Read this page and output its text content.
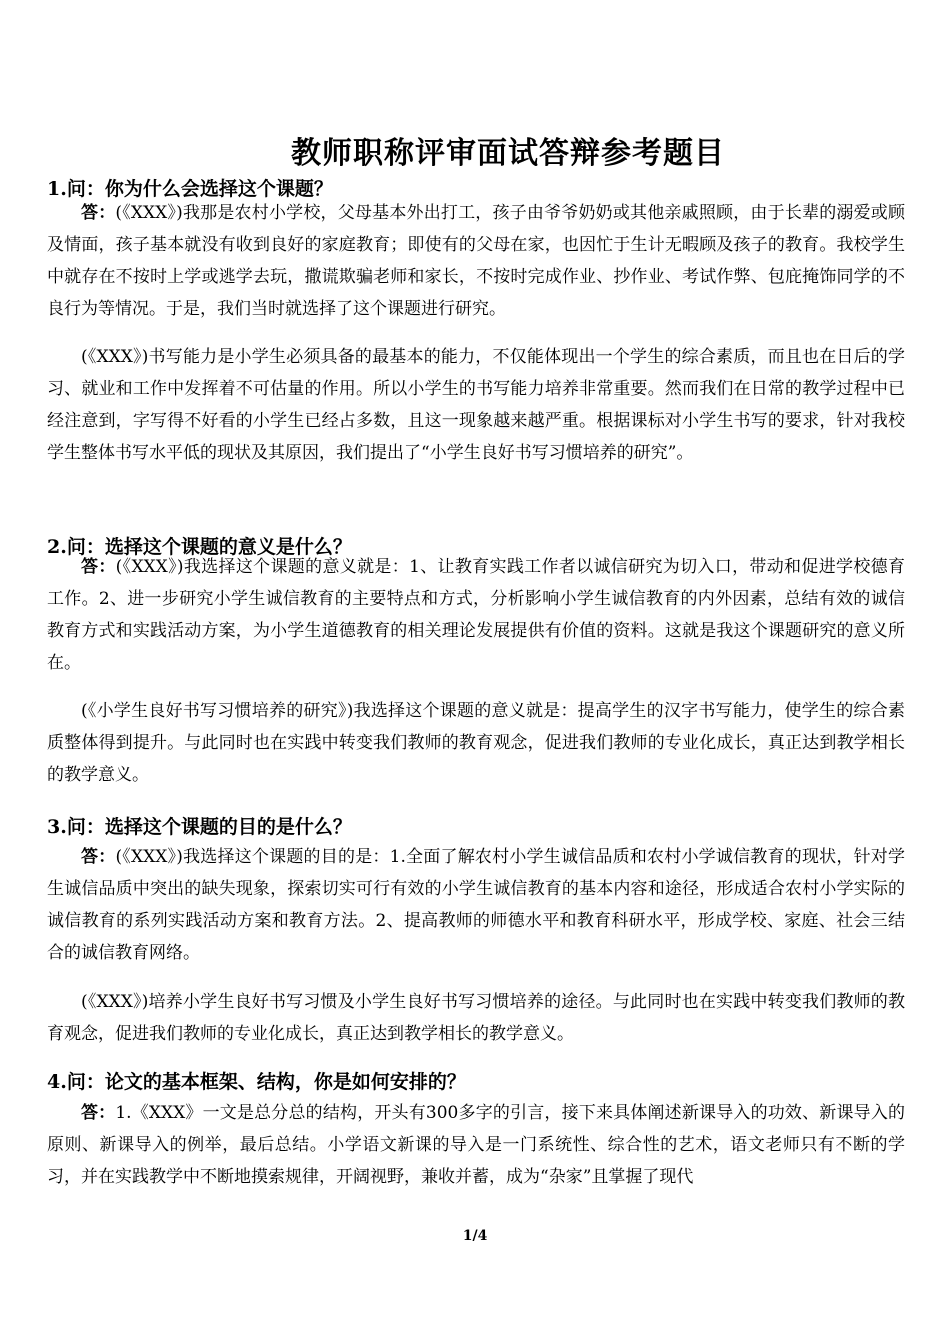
教师职称评审面试答辩参考题目
1.问：你为什么会选择这个课题？
答：(《XXX》)我那是农村小学校，父母基本外出打工，孩子由爷爷奶奶或其他亲戚照顾，由于长辈的溺爱或顾及情面，孩子基本就没有收到良好的家庭教育；即使有的父母在家，也因忙于生计无暇顾及孩子的教育。我校学生中就存在不按时上学或逃学去玩，撒谎欺骗老师和家长，不按时完成作业、抄作业、考试作弊、包庇掩饰同学的不良行为等情况。于是，我们当时就选择了这个课题进行研究。
(《XXX》)书写能力是小学生必须具备的最基本的能力，不仅能体现出一个学生的综合素质，而且也在日后的学习、就业和工作中发挥着不可估量的作用。所以小学生的书写能力培养非常重要。然而我们在日常的教学过程中已经注意到，字写得不好看的小学生已经占多数，且这一现象越来越严重。根据课标对小学生书写的要求，针对我校学生整体书写水平低的现状及其原因，我们提出了“小学生良好书写习惯培养的研究”。
2.问：选择这个课题的意义是什么？
答：(《XXX》)我选择这个课题的意义就是：1、让教育实践工作者以诚信研究为切入口，带动和促进学校德育工作。2、进一步研究小学生诚信教育的主要特点和方式，分析影响小学生诚信教育的内外因素，总结有效的诚信教育方式和实践活动方案，为小学生道德教育的相关理论发展提供有价值的资料。这就是我这个课题研究的意义所在。
(《小学生良好书写习惯培养的研究》)我选择这个课题的意义就是：提高学生的汉字书写能力，使学生的综合素质整体得到提升。与此同时也在实践中转变我们教师的教育观念，促进我们教师的专业化成长，真正达到教学相长的教学意义。
3.问：选择这个课题的目的是什么？
答：(《XXX》)我选择这个课题的目的是：1.全面了解农村小学生诚信品质和农村小学诚信教育的现状，针对学生诚信品质中突出的缺失现象，探索切实可行有效的小学生诚信教育的基本内容和途径，形成适合农村小学实际的诚信教育的系列实践活动方案和教育方法。2、提高教师的师德水平和教育科研水平，形成学校、家庭、社会三结合的诚信教育网络。
(《XXX》)培养小学生良好书写习惯及小学生良好书写习惯培养的途径。与此同时也在实践中转变我们教师的教育观念，促进我们教师的专业化成长，真正达到教学相长的教学意义。
4.问：论文的基本框架、结构，你是如何安排的？
答：1.《XXX》一文是总分总的结构，开头有300多字的引言，接下来具体阐述新课导入的功效、新课导入的原则、新课导入的例举，最后总结。小学语文新课的导入是一门系统性、综合性的艺术，语文老师只有不断的学习，并在实践教学中不断地摸索规律，开阔视野，兼收并蓄，成为“杂家”且掌握了现代
1/4
